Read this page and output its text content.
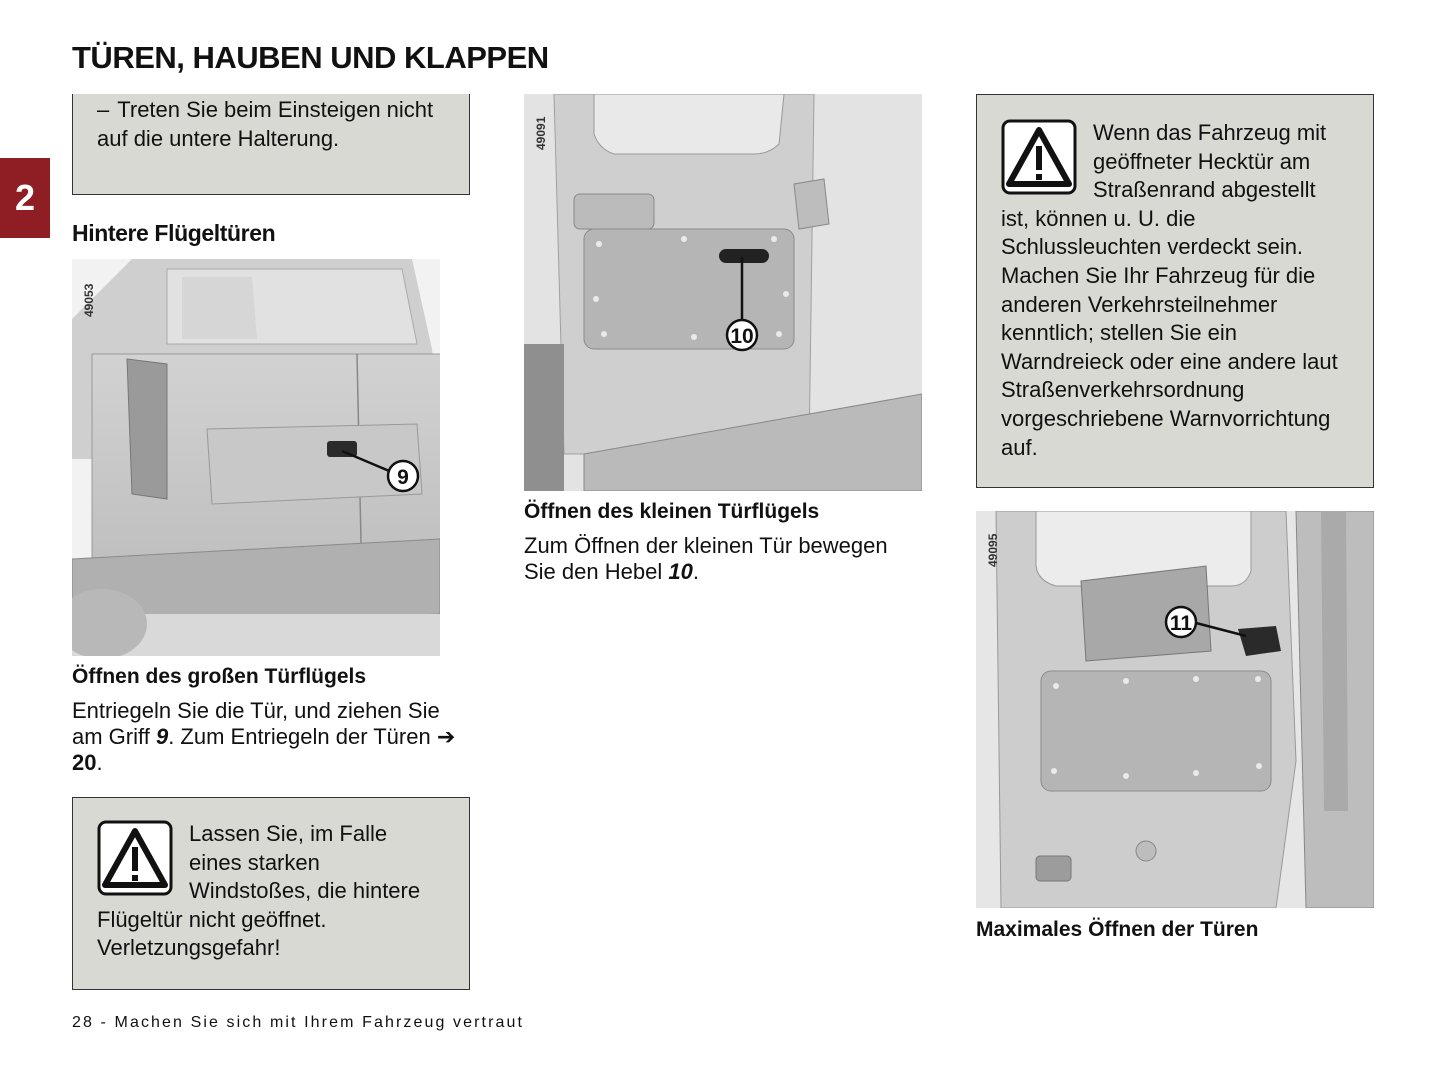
TÜREN, HAUBEN UND KLAPPEN
2
– Treten Sie beim Einsteigen nicht auf die untere Halterung.
Hintere Flügeltüren
9
49053
Öffnen des großen Türflügels
Entriegeln Sie die Tür, und ziehen Sie am Griff 9. Zum Entriegeln der Türen ➔ 20.
Lassen Sie, im Falle eines starken Windstoßes, die hintere Flügeltür nicht geöffnet. Verletzungsgefahr!
10
49091
Öffnen des kleinen Türflügels
Zum Öffnen der kleinen Tür bewegen Sie den Hebel 10.
Wenn das Fahrzeug mit geöffneter Hecktür am Straßenrand abgestellt ist, können u. U. die Schlussleuchten verdeckt sein. Machen Sie Ihr Fahrzeug für die anderen Verkehrsteilnehmer kenntlich; stellen Sie ein Warndreieck oder eine andere laut Straßenverkehrsordnung vorgeschriebene Warnvorrichtung auf.
11
49095
Maximales Öffnen der Türen
28 - Machen Sie sich mit Ihrem Fahrzeug vertraut
